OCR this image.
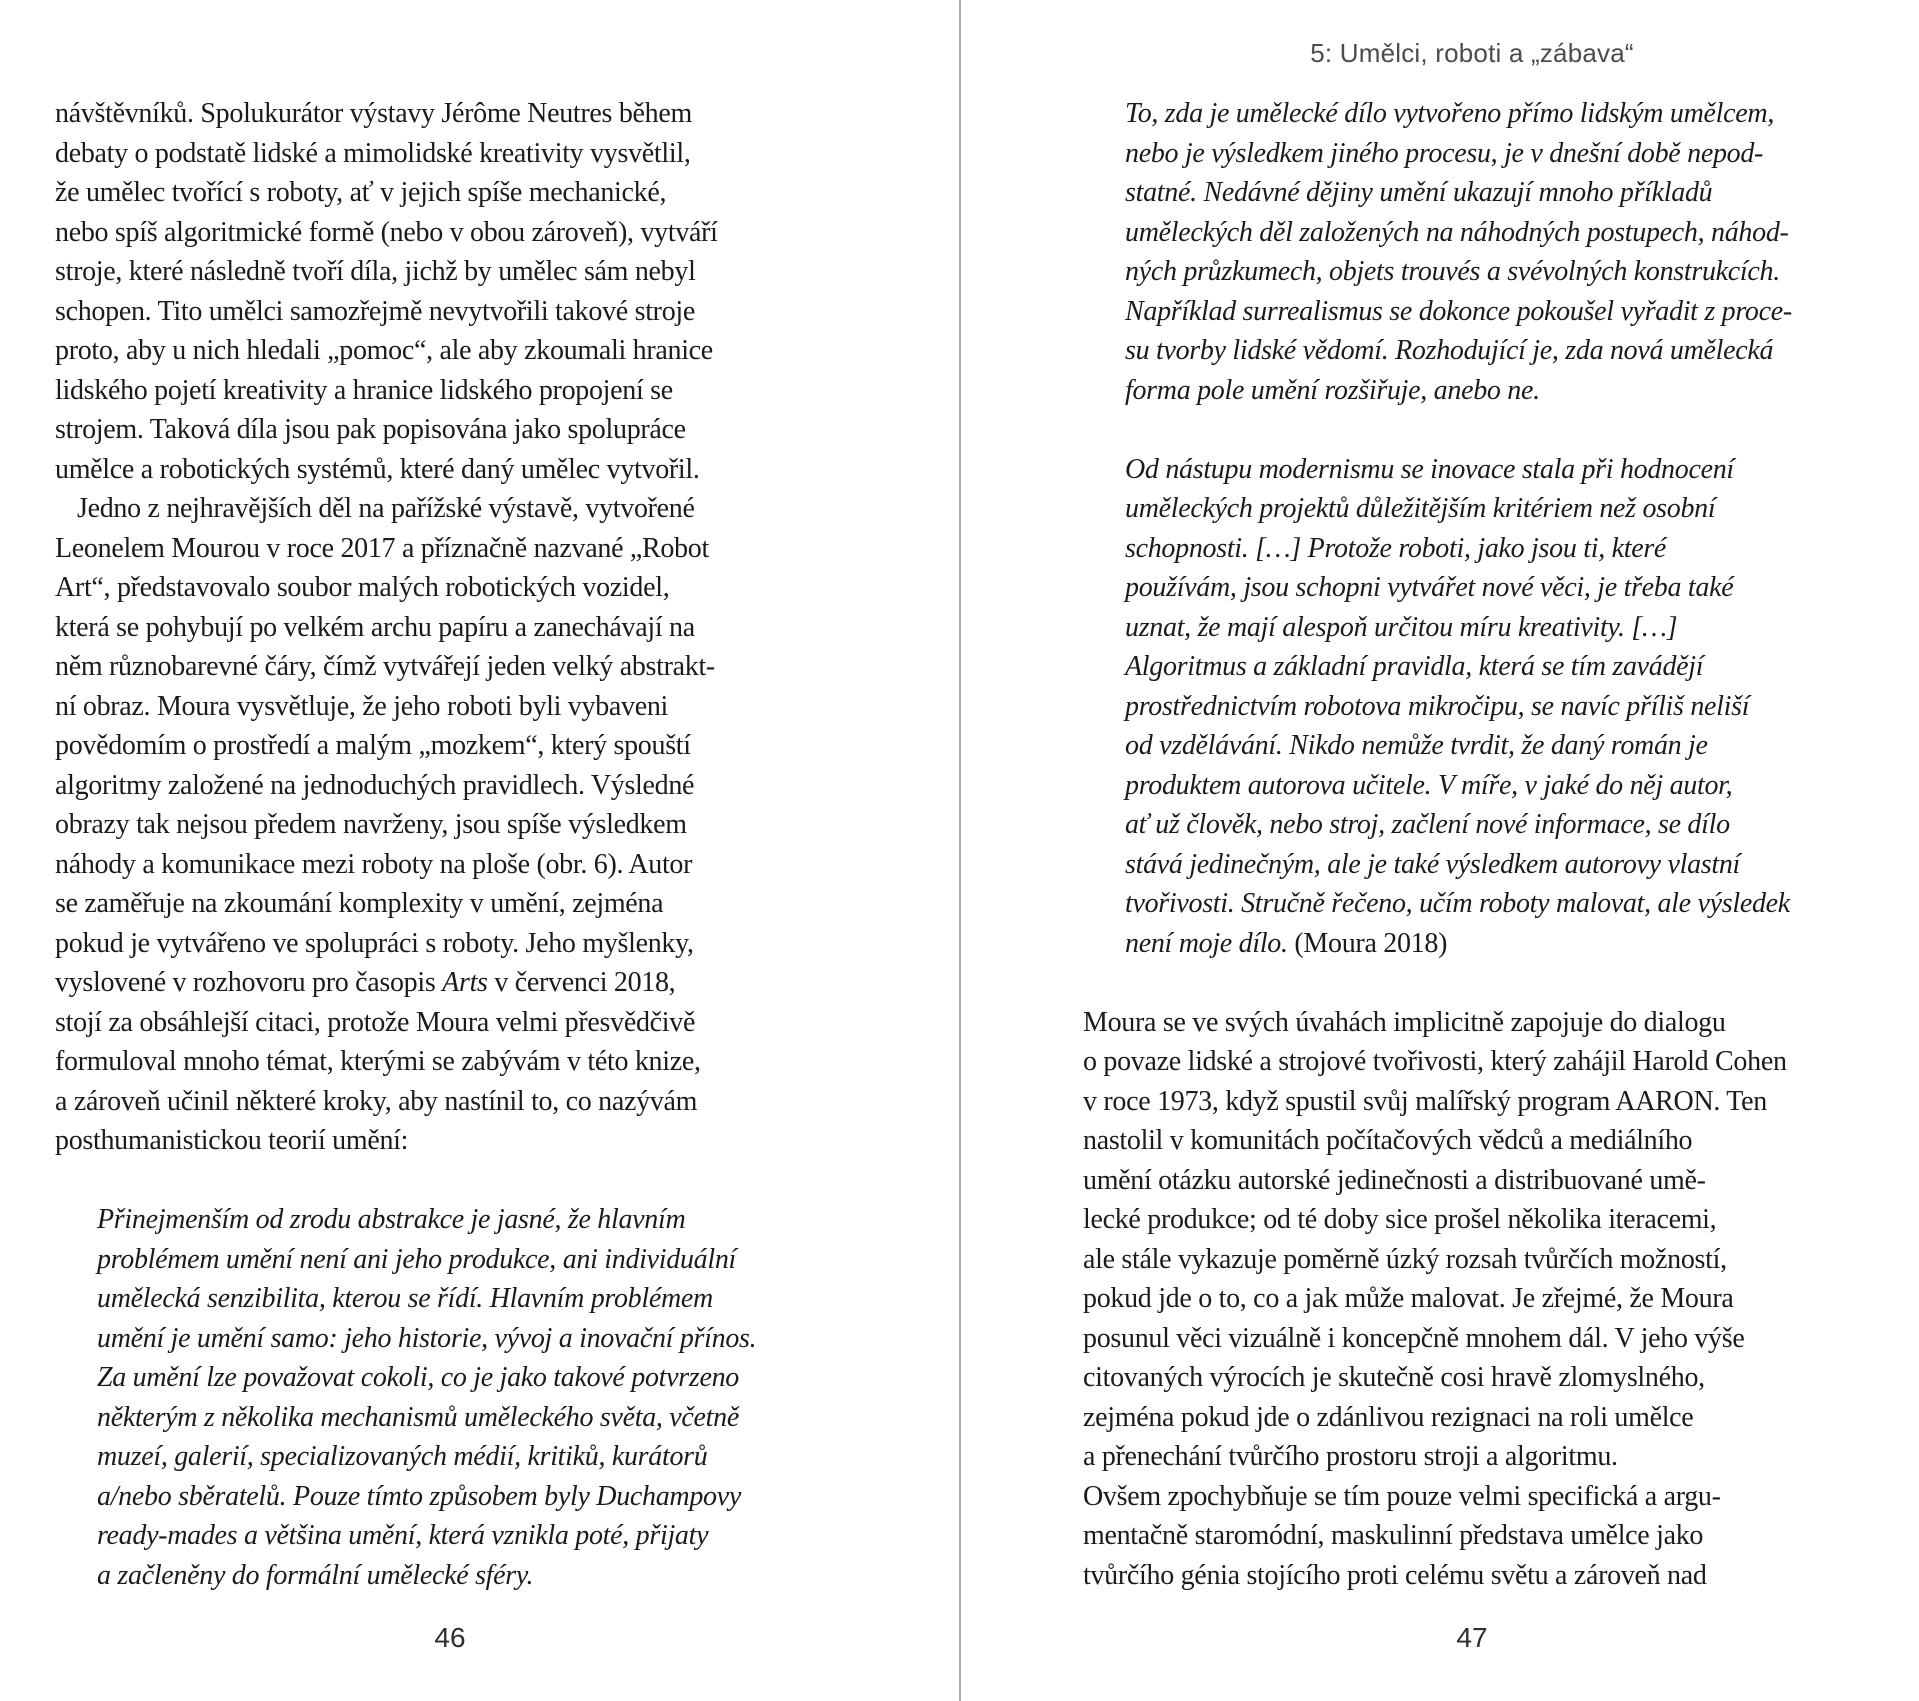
návštěvníků. Spolukurátor výstavy Jérôme Neutres během
debaty o podstatě lidské a mimolidské kreativity vysvětlil,
že umělec tvořící s roboty, ať v jejich spíše mechanické,
nebo spíš algoritmické formě (nebo v obou zároveň), vytváří
stroje, které následně tvoří díla, jichž by umělec sám nebyl
schopen. Tito umělci samozřejmě nevytvořili takové stroje
proto, aby u nich hledali „pomoc“, ale aby zkoumali hranice
lidského pojetí kreativity a hranice lidského propojení se
strojem. Taková díla jsou pak popisována jako spolupráce
umělce a robotických systémů, které daný umělec vytvořil.
Jedno z nejhravějších děl na pařížské výstavě, vytvořené
Leonelem Mourou v roce 2017 a příznačně nazvané „Robot
Art“, představovalo soubor malých robotických vozidel,
která se pohybují po velkém archu papíru a zanechávají na
něm různobarevné čáry, čímž vytvářejí jeden velký abstrakt-
ní obraz. Moura vysvětluje, že jeho roboti byli vybaveni
povědomím o prostředí a malým „mozkem“, který spouští
algoritmy založené na jednoduchých pravidlech. Výsledné
obrazy tak nejsou předem navrženy, jsou spíše výsledkem
náhody a komunikace mezi roboty na ploše (obr. 6). Autor
se zaměřuje na zkoumání komplexity v umění, zejména
pokud je vytvářeno ve spolupráci s roboty. Jeho myšlenky,
vyslovené v rozhovoru pro časopis Arts v červenci 2018,
stojí za obsáhlejší citaci, protože Moura velmi přesvědčivě
formuloval mnoho témat, kterými se zabývám v této knize,
a zároveň učinil některé kroky, aby nastínil to, co nazývám
posthumanistickou teorií umění:
Přinejmenším od zrodu abstrakce je jasné, že hlavním
problémem umění není ani jeho produkce, ani individuální
umělecká senzibilita, kterou se řídí. Hlavním problémem
umění je umění samo: jeho historie, vývoj a inovační přínos.
Za umění lze považovat cokoli, co je jako takové potvrzeno
některým z několika mechanismů uměleckého světa, včetně
muzeí, galerií, specializovaných médií, kritiků, kurátorů
a/nebo sběratelů. Pouze tímto způsobem byly Duchampovy
ready-mades a většina umění, která vznikla poté, přijaty
a začleněny do formální umělecké sféry.
46
5: Umělci, roboti a „zábava“
To, zda je umělecké dílo vytvořeno přímo lidským umělcem,
nebo je výsledkem jiného procesu, je v dnešní době nepod-
statné. Nedávné dějiny umění ukazují mnoho příkladů
uměleckých děl založených na náhodných postupech, náhod-
ných průzkumech, objets trouvés a svévolných konstrukcích.
Například surrealismus se dokonce pokoušel vyřadit z proce-
su tvorby lidské vědomí. Rozhodující je, zda nová umělecká
forma pole umění rozšiřuje, anebo ne.
Od nástupu modernismu se inovace stala při hodnocení
uměleckých projektů důležitějším kritériem než osobní
schopnosti. […] Protože roboti, jako jsou ti, které
používám, jsou schopni vytvářet nové věci, je třeba také
uznat, že mají alespoň určitou míru kreativity. […]
Algoritmus a základní pravidla, která se tím zavádějí
prostřednictvím robotova mikročipu, se navíc příliš neliší
od vzdělávání. Nikdo nemůže tvrdit, že daný román je
produktem autorova učitele. V míře, v jaké do něj autor,
ať už člověk, nebo stroj, začlení nové informace, se dílo
stává jedinečným, ale je také výsledkem autorovy vlastní
tvořivosti. Stručně řečeno, učím roboty malovat, ale výsledek
není moje dílo. (Moura 2018)
Moura se ve svých úvahách implicitně zapojuje do dialogu
o povaze lidské a strojové tvořivosti, který zahájil Harold Cohen
v roce 1973, když spustil svůj malířský program AARON. Ten
nastolil v komunitách počítačových vědců a mediálního
umění otázku autorské jedinečnosti a distribuované umě-
lecké produkce; od té doby sice prošel několika iteracemi,
ale stále vykazuje poměrně úzký rozsah tvůrčích možností,
pokud jde o to, co a jak může malovat. Je zřejmé, že Moura
posunul věci vizuálně i koncepčně mnohem dál. V jeho výše
citovaných výrocích je skutečně cosi hravě zlomyslného,
zejména pokud jde o zdánlivou rezignaci na roli umělce
a přenechání tvůrčího prostoru stroji a algoritmu.
Ovšem zpochybňuje se tím pouze velmi specifická a argu-
mentačně staromódní, maskulinní představa umělce jako
tvůrčího génia stojícího proti celému světu a zároveň nad
47
